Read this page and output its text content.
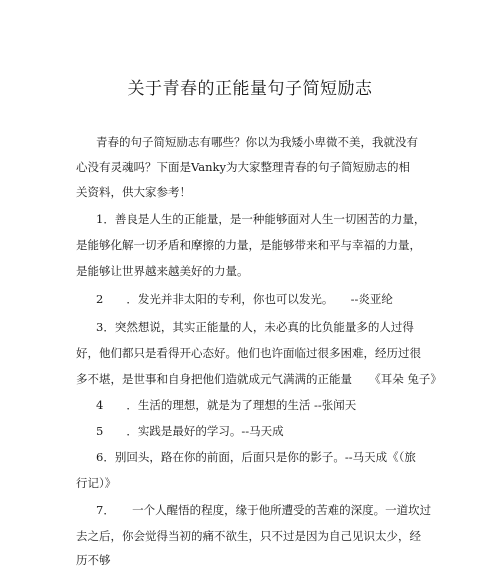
关于青春的正能量句子简短励志
青春的句子简短励志有哪些？你以为我矮小卑微不美，我就没有
心没有灵魂吗？下面是Vanky为大家整理青春的句子简短励志的相
关资料，供大家参考！
1．善良是人生的正能量，是一种能够面对人生一切困苦的力量，
是能够化解一切矛盾和摩擦的力量，是能够带来和平与幸福的力量，
是能够让世界越来越美好的力量。
2　　．发光并非太阳的专利，你也可以发光。　　--炎亚纶
3．突然想说，其实正能量的人，未必真的比负能量多的人过得
好，他们都只是看得开心态好。他们也许面临过很多困难，经历过很
多不堪，是世事和自身把他们造就成元气满满的正能量　　《耳朵 兔子》
4　　．生活的理想，就是为了理想的生活 --张闻天
5　　．实践是最好的学习。--马天成
6．别回头，路在你的前面，后面只是你的影子。--马天成《（旅
行记）》
7．　　一个人醒悟的程度，缘于他所遭受的苦难的深度。一道坎过
去之后，你会觉得当初的痛不欲生，只不过是因为自己见识太少，经
历不够
